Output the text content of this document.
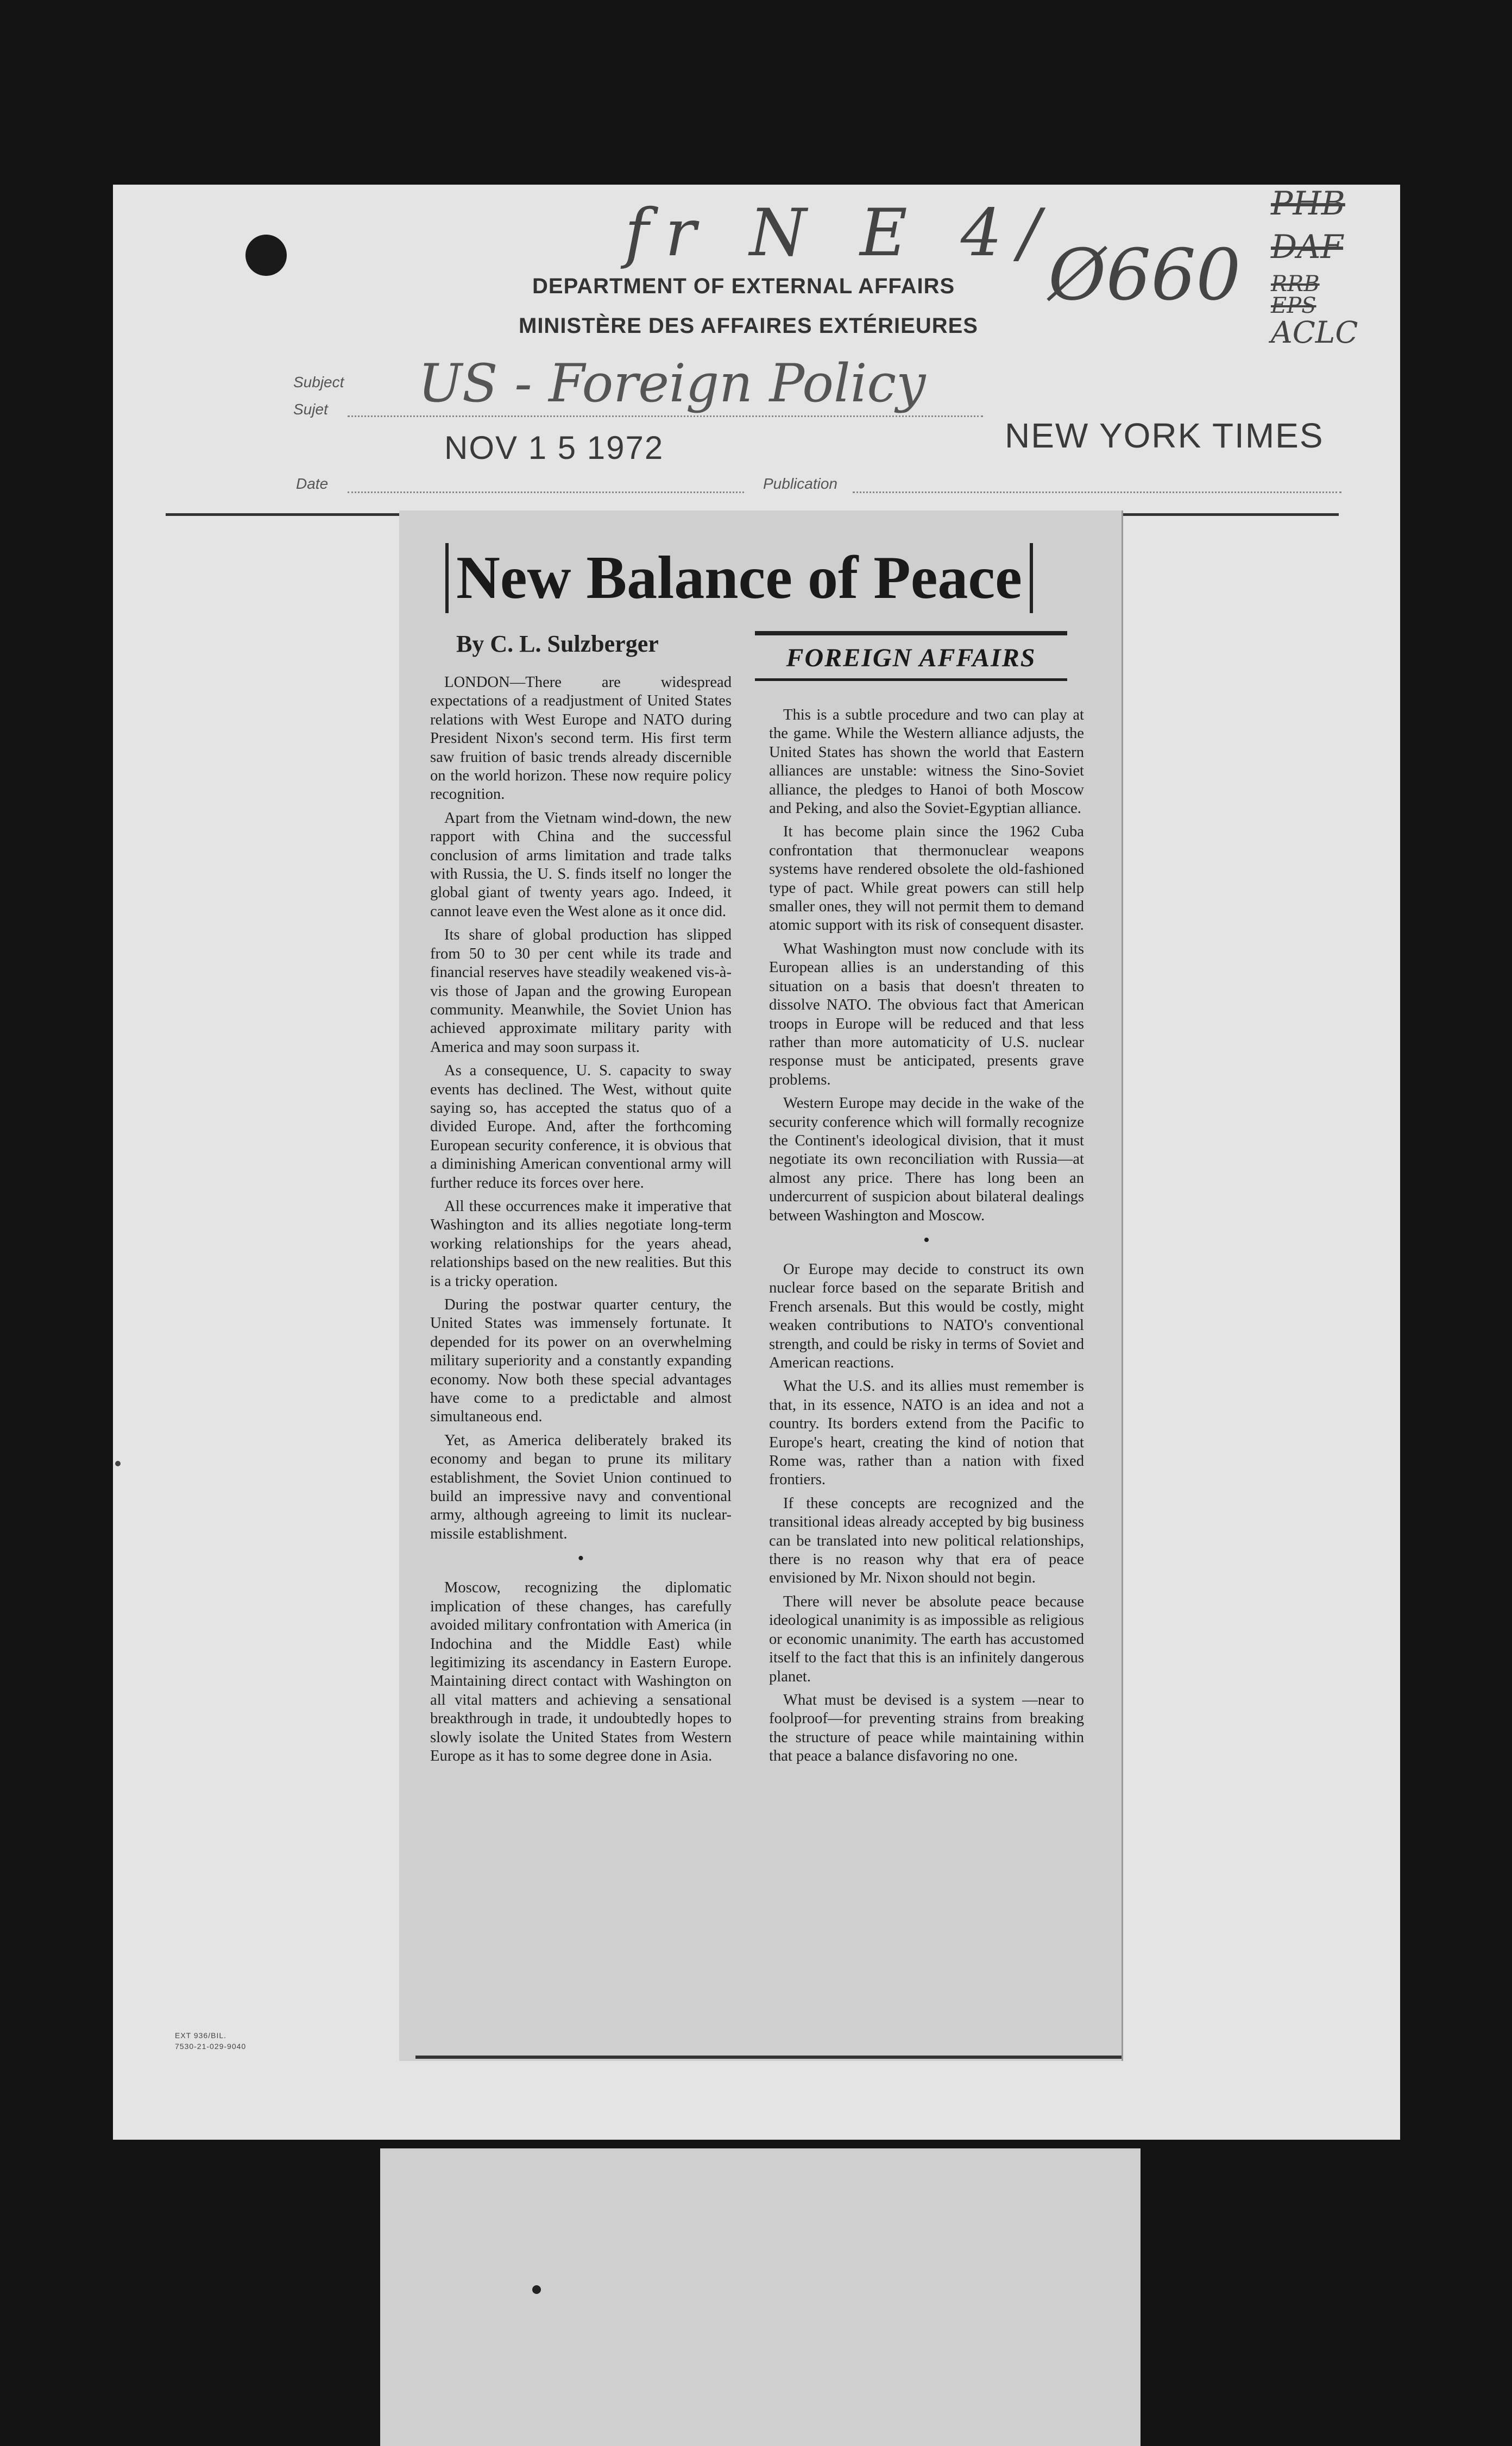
fr N E 4/
Ø660
PHB
DAF
RRB
EPS
ACLC
DEPARTMENT OF EXTERNAL AFFAIRS
MINISTÈRE DES AFFAIRES EXTÉRIEURES
Subject
Sujet US - Foreign Policy
NOV 1 5 1972	NEW YORK TIMES
Date	Publication
New Balance of Peace
By C. L. Sulzberger	FOREIGN AFFAIRS

LONDON—There are widespread expectations of a readjustment of United States relations with West Europe and NATO during President Nixon's second term. His first term saw fruition of basic trends already discernible on the world horizon. These now require policy recognition.

Apart from the Vietnam wind-down, the new rapport with China and the successful conclusion of arms limitation and trade talks with Russia, the U. S. finds itself no longer the global giant of twenty years ago. Indeed, it cannot leave even the West alone as it once did.

Its share of global production has slipped from 50 to 30 per cent while its trade and financial reserves have steadily weakened vis-à-vis those of Japan and the growing European community. Meanwhile, the Soviet Union has achieved approximate military parity with America and may soon surpass it.

As a consequence, U. S. capacity to sway events has declined. The West, without quite saying so, has accepted the status quo of a divided Europe. And, after the forthcoming European security conference, it is obvious that a diminishing American conventional army will further reduce its forces over here.

All these occurrences make it imperative that Washington and its allies negotiate long-term working relationships for the years ahead, relationships based on the new realities. But this is a tricky operation.

During the postwar quarter century, the United States was immensely fortunate. It depended for its power on an overwhelming military superiority and a constantly expanding economy. Now both these special advantages have come to a predictable and almost simultaneous end.

Yet, as America deliberately braked its economy and began to prune its military establishment, the Soviet Union continued to build an impressive navy and conventional army, although agreeing to limit its nuclear-missile establishment.

•

Moscow, recognizing the diplomatic implication of these changes, has carefully avoided military confrontation with America (in Indochina and the Middle East) while legitimizing its ascendancy in Eastern Europe. Maintaining direct contact with Washington on all vital matters and achieving a sensational breakthrough in trade, it undoubtedly hopes to slowly isolate the United States from Western Europe as it has to some degree done in Asia.

This is a subtle procedure and two can play at the game. While the Western alliance adjusts, the United States has shown the world that Eastern alliances are unstable: witness the Sino-Soviet alliance, the pledges to Hanoi of both Moscow and Peking, and also the Soviet-Egyptian alliance.

It has become plain since the 1962 Cuba confrontation that thermonuclear weapons systems have rendered obsolete the old-fashioned type of pact. While great powers can still help smaller ones, they will not permit them to demand atomic support with its risk of consequent disaster.

What Washington must now conclude with its European allies is an understanding of this situation on a basis that doesn't threaten to dissolve NATO. The obvious fact that American troops in Europe will be reduced and that less rather than more automaticity of U.S. nuclear response must be anticipated, presents grave problems.

Western Europe may decide in the wake of the security conference which will formally recognize the Continent's ideological division, that it must negotiate its own reconciliation with Russia—at almost any price. There has long been an undercurrent of suspicion about bilateral dealings between Washington and Moscow.

•

Or Europe may decide to construct its own nuclear force based on the separate British and French arsenals. But this would be costly, might weaken contributions to NATO's conventional strength, and could be risky in terms of Soviet and American reactions.

What the U.S. and its allies must remember is that, in its essence, NATO is an idea and not a country. Its borders extend from the Pacific to Europe's heart, creating the kind of notion that Rome was, rather than a nation with fixed frontiers.

If these concepts are recognized and the transitional ideas already accepted by big business can be translated into new political relationships, there is no reason why that era of peace envisioned by Mr. Nixon should not begin.

There will never be absolute peace because ideological unanimity is as impossible as religious or economic unanimity. The earth has accustomed itself to the fact that this is an infinitely dangerous planet.

What must be devised is a system —near to foolproof—for preventing strains from breaking the structure of peace while maintaining within that peace a balance disfavoring no one.

EXT 936/BIL.
7530-21-029-9040
